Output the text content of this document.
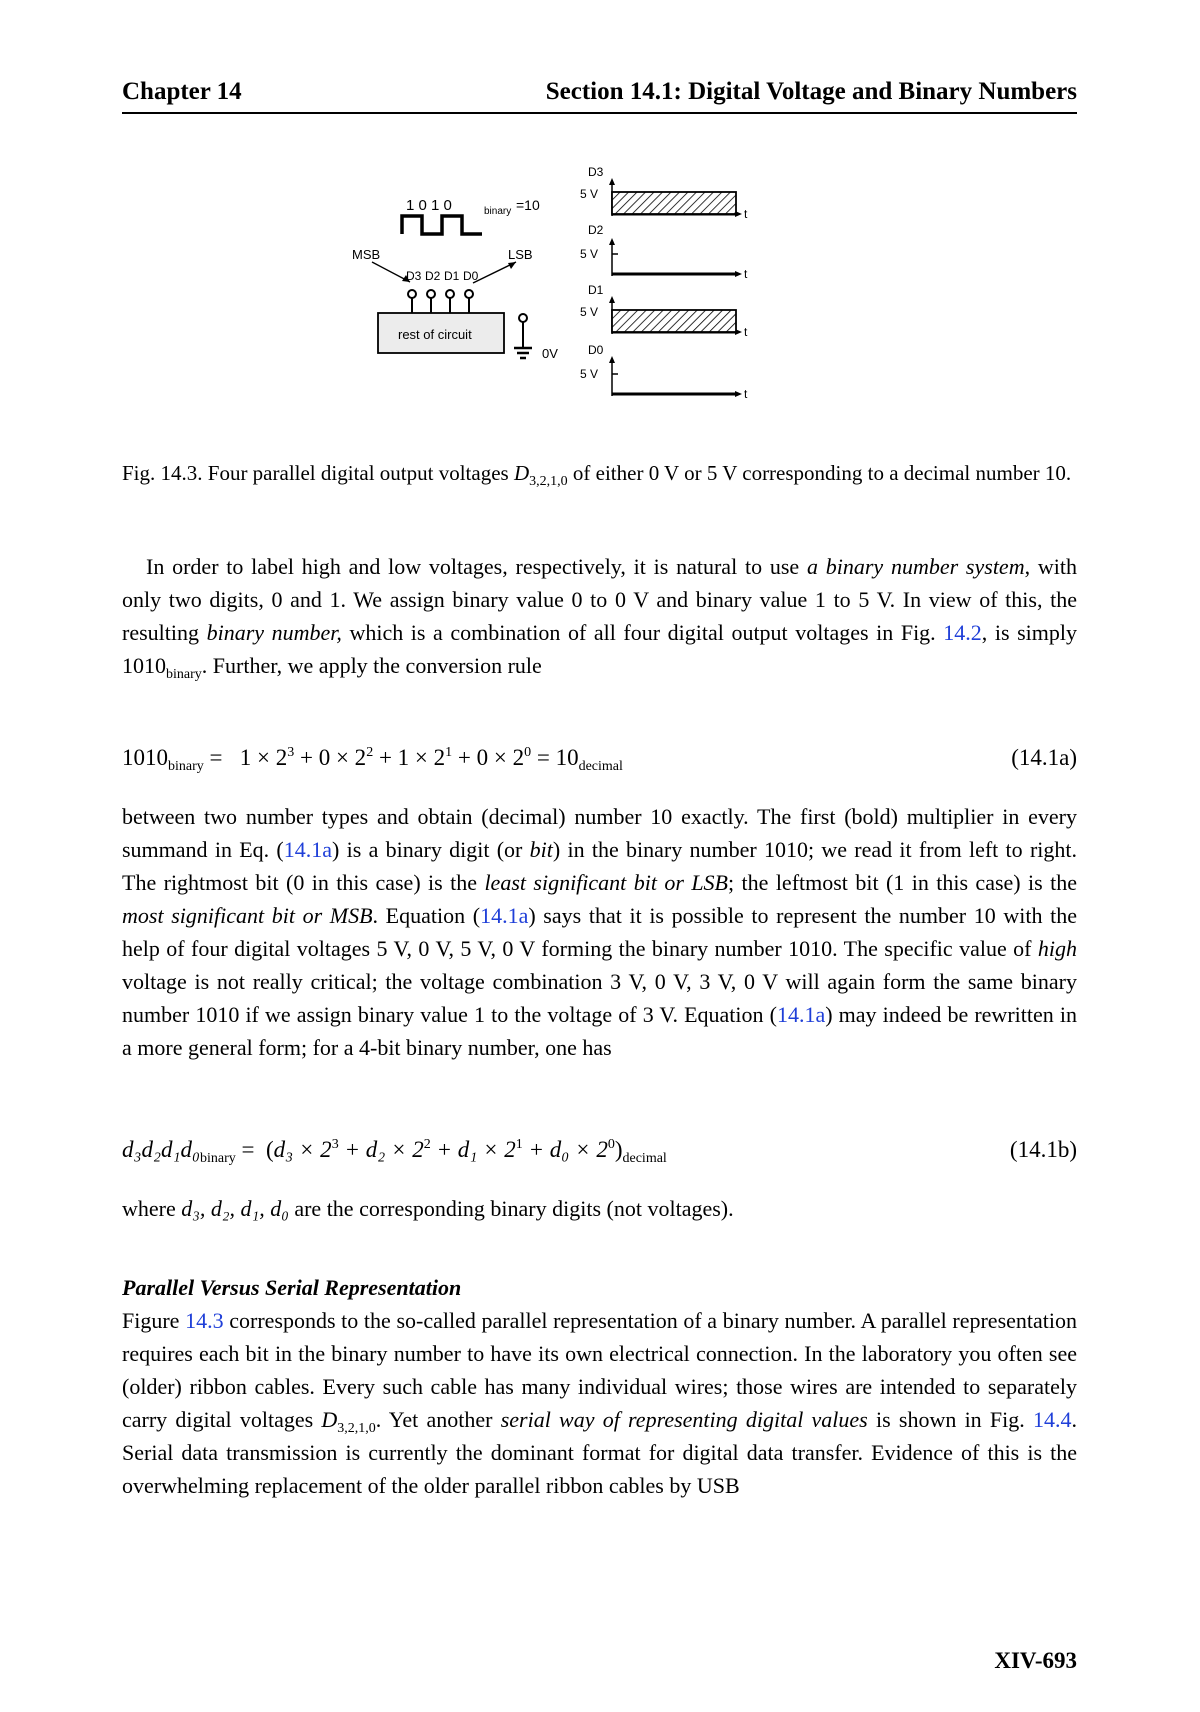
Chapter 14	Section 14.1: Digital Voltage and Binary Numbers
1 0 1 0	binary =10
MSB	LSB
D3 D2 D1 D0
rest of circuit
0V
D3
5 V
t
D2
5 V
t
D1
5 V
t
D0
5 V
t

Fig. 14.3. Four parallel digital output voltages $D_{3,2,1,0}$ of either 0 V or 5 V corresponding to a decimal number 10.

In order to label high and low voltages, respectively, it is natural to use a binary number system, with only two digits, 0 and 1. We assign binary value 0 to 0 V and binary value 1 to 5 V. In view of this, the resulting binary number, which is a combination of all four digital output voltages in Fig. 14.2, is simply $1010_{binary}$. Further, we apply the conversion rule

$1010_{binary} = 1 \times 2^3 + 0 \times 2^2 + 1 \times 2^1 + 0 \times 2^0 = 10_{decimal}$	(14.1a)

between two number types and obtain (decimal) number 10 exactly. The first (bold) multiplier in every summand in Eq. (14.1a) is a binary digit (or bit) in the binary number 1010; we read it from left to right. The rightmost bit (0 in this case) is the least significant bit or LSB; the leftmost bit (1 in this case) is the most significant bit or MSB. Equation (14.1a) says that it is possible to represent the number 10 with the help of four digital voltages 5 V, 0 V, 5 V, 0 V forming the binary number 1010. The specific value of high voltage is not really critical; the voltage combination 3 V, 0 V, 3 V, 0 V will again form the same binary number 1010 if we assign binary value 1 to the voltage of 3 V. Equation (14.1a) may indeed be rewritten in a more general form; for a 4-bit binary number, one has

$d_3d_2d_1d_0_{binary} = (d_3 \times 2^3 + d_2 \times 2^2 + d_1 \times 2^1 + d_0 \times 2^0)_{decimal}$	(14.1b)

where d₃, d₂, d₁, d₀ are the corresponding binary digits (not voltages).

Parallel Versus Serial Representation

Figure 14.3 corresponds to the so-called parallel representation of a binary number. A parallel representation requires each bit in the binary number to have its own electrical connection. In the laboratory you often see (older) ribbon cables. Every such cable has many individual wires; those wires are intended to separately carry digital voltages $D_{3,2,1,0}$. Yet another serial way of representing digital values is shown in Fig. 14.4. Serial data transmission is currently the dominant format for digital data transfer. Evidence of this is the overwhelming replacement of the older parallel ribbon cables by USB

XIV-693
